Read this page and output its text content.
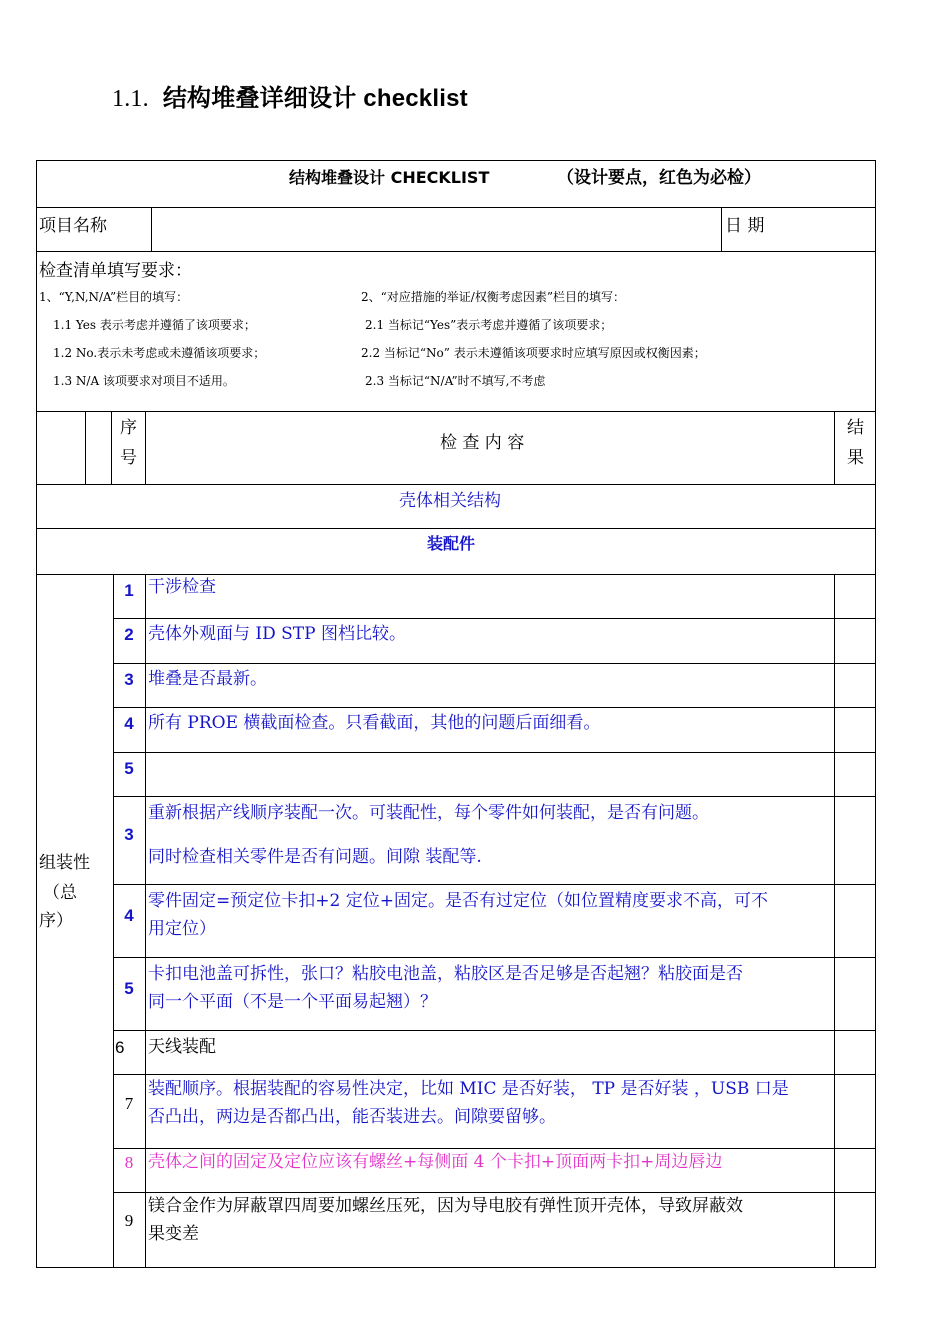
1.1. 结构堆叠详细设计 checklist
结构堆叠设计 CHECKLIST	（设计要点，红色为必检）
项目名称	日 期
检查清单填写要求：
1、“Y,N,N/A”栏目的填写：
1.1 Yes 表示考虑并遵循了该项要求；
1.2 No.表示未考虑或未遵循该项要求；
1.3 N/A 该项要求对项目不适用。
2、“对应措施的举证/权衡考虑因素”栏目的填写：
2.1 当标记“Yes”表示考虑并遵循了该项要求；
2.2 当标记“No” 表示未遵循该项要求时应填写原因或权衡因素；
2.3 当标记“N/A”时不填写,不考虑
序
号
检 查 内 容
结
果
壳体相关结构
装配件
组装性
（总
序）
1 干涉检查
2 壳体外观面与 ID STP 图档比较。
3 堆叠是否最新。
4 所有 PROE 横截面检查。只看截面，其他的问题后面细看。
5
3
重新根据产线顺序装配一次。可装配性，每个零件如何装配，是否有问题。
同时检查相关零件是否有问题。间隙 装配等.
4
零件固定=预定位卡扣+2 定位+固定。是否有过定位（如位置精度要求不高，可不
用定位）
5
卡扣电池盖可拆性，张口？粘胶电池盖，粘胶区是否足够是否起翘？粘胶面是否
同一个平面（不是一个平面易起翘）？
6 天线装配
7
装配顺序。根据装配的容易性决定，比如 MIC 是否好装， TP 是否好装 ，USB 口是
否凸出，两边是否都凸出，能否装进去。间隙要留够。
8 壳体之间的固定及定位应该有螺丝+每侧面 4 个卡扣+顶面两卡扣+周边唇边
9
镁合金作为屏蔽罩四周要加螺丝压死，因为导电胶有弹性顶开壳体，导致屏蔽效
果变差
